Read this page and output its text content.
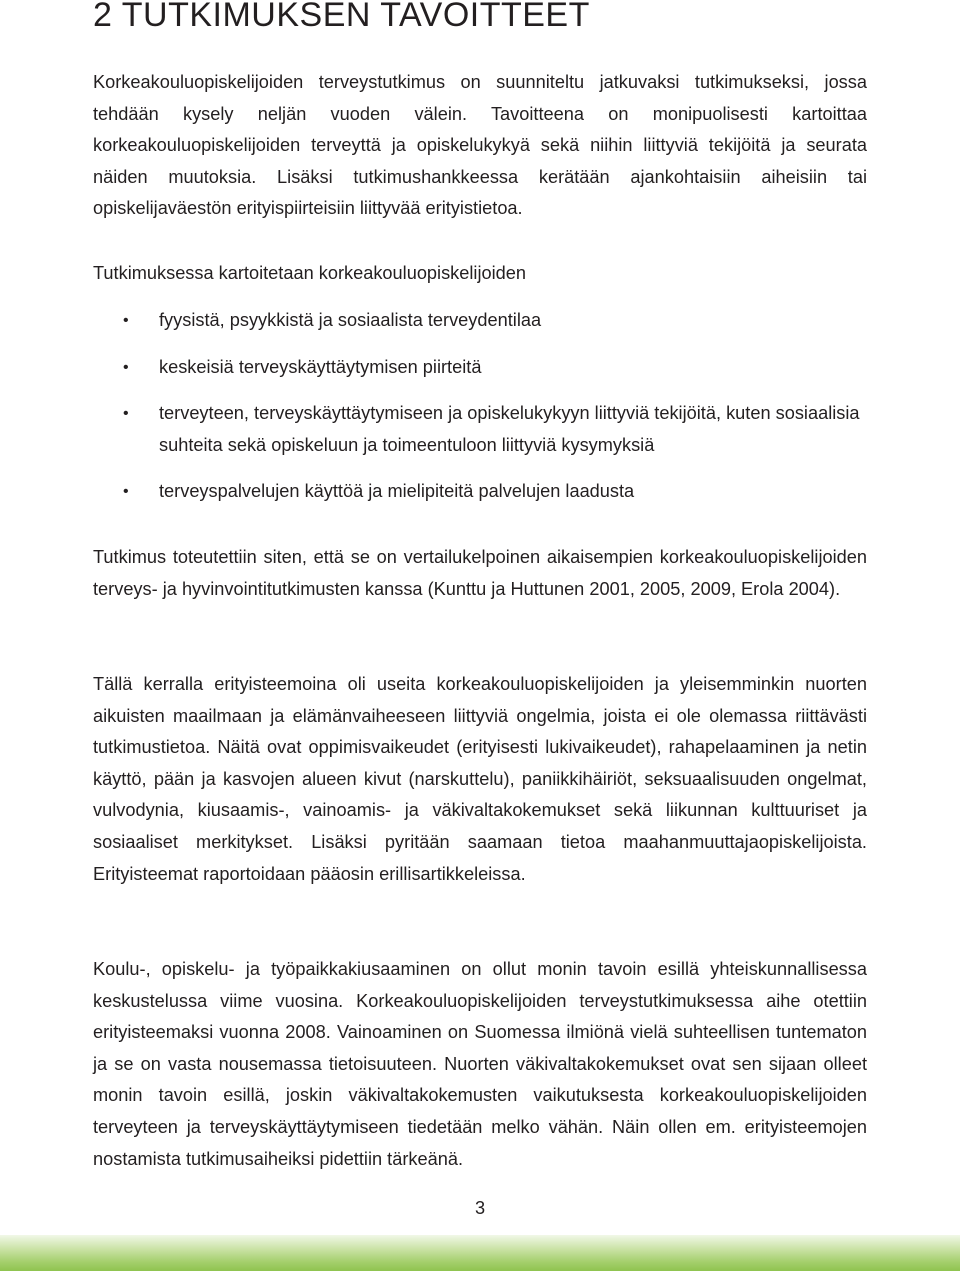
2 TUTKIMUKSEN TAVOITTEET

Korkeakouluopiskelijoiden terveystutkimus on suunniteltu jatkuvaksi tutkimukseksi, jossa tehdään kysely neljän vuoden välein. Tavoitteena on monipuolisesti kartoittaa korkeakouluopiskelijoiden terveyttä ja opiskelukykyä sekä niihin liittyviä tekijöitä ja seurata näiden muutoksia. Lisäksi tutkimushankkeessa kerätään ajankohtaisiin aiheisiin tai opiskelijaväestön erityispiirteisiin liittyvää erityistietoa.

Tutkimuksessa kartoitetaan korkeakouluopiskelijoiden

• fyysistä, psyykkistä ja sosiaalista terveydentilaa
• keskeisiä terveyskäyttäytymisen piirteitä
• terveyteen, terveyskäyttäytymiseen ja opiskelukykyyn liittyviä tekijöitä, kuten sosiaalisia suhteita sekä opiskeluun ja toimeentuloon liittyviä kysymyksiä
• terveyspalvelujen käyttöä ja mielipiteitä palvelujen laadusta

Tutkimus toteutettiin siten, että se on vertailukelpoinen aikaisempien korkeakouluopiskelijoiden terveys- ja hyvinvointitutkimusten kanssa (Kunttu ja Huttunen 2001, 2005, 2009, Erola 2004).

Tällä kerralla erityisteemoina oli useita korkeakouluopiskelijoiden ja yleisemminkin nuorten aikuisten maailmaan ja elämänvaiheeseen liittyviä ongelmia, joista ei ole olemassa riittävästi tutkimustietoa. Näitä ovat oppimisvaikeudet (erityisesti lukivaikeudet), rahapelaaminen ja netin käyttö, pään ja kasvojen alueen kivut (narskuttelu), paniikkihäiriöt, seksuaalisuuden ongelmat, vulvodynia, kiusaamis-, vainoamis- ja väkivaltakokemukset sekä liikunnan kulttuuriset ja sosiaaliset merkitykset. Lisäksi pyritään saamaan tietoa maahanmuuttajaopiskelijoista. Erityisteemat raportoidaan pääosin erillisartikkeleissa.

Koulu-, opiskelu- ja työpaikkakiusaaminen on ollut monin tavoin esillä yhteiskunnallisessa keskustelussa viime vuosina. Korkeakouluopiskelijoiden terveystutkimuksessa aihe otettiin erityisteemaksi vuonna 2008. Vainoaminen on Suomessa ilmiönä vielä suhteellisen tuntematon ja se on vasta nousemassa tietoisuuteen. Nuorten väkivaltakokemukset ovat sen sijaan olleet monin tavoin esillä, joskin väkivaltakokemusten vaikutuksesta korkeakouluopiskelijoiden terveyteen ja terveyskäyttäytymiseen tiedetään melko vähän. Näin ollen em. erityisteemojen nostamista tutkimusaiheiksi pidettiin tärkeänä.

3
